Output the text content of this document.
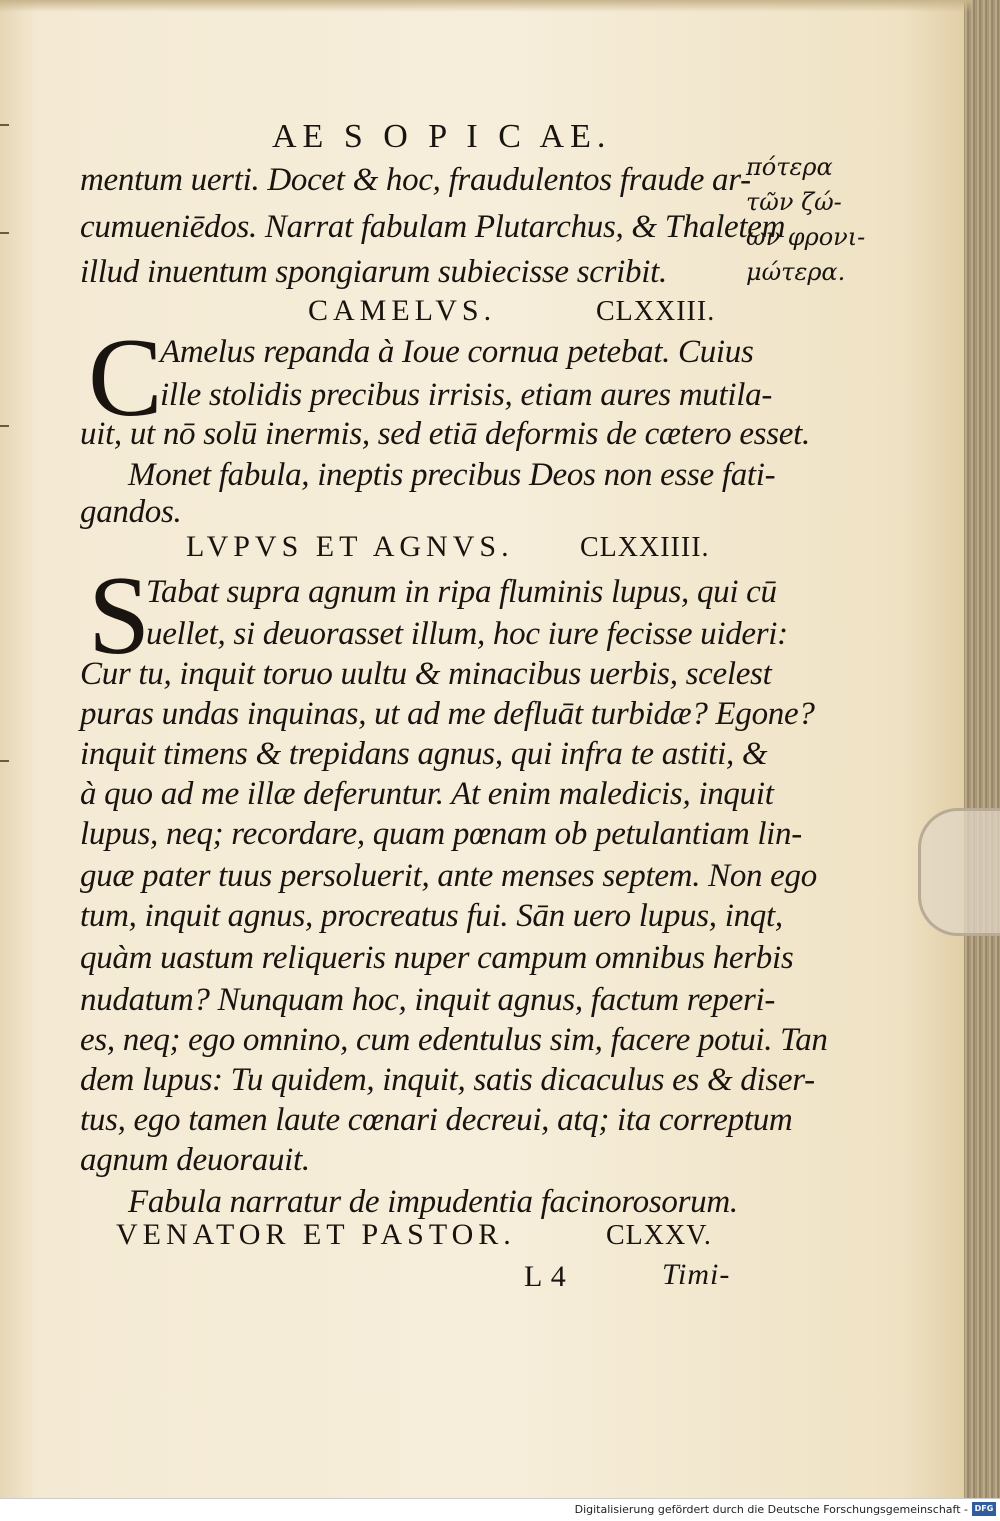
AE S O P I C AE.
πότερα
τῶν ζώ-
ων φρονι-
μώτερα.
mentum uerti. Docet & hoc, fraudulentos fraude ar-
cumueniēdos. Narrat fabulam Plutarchus, & Thaletem
illud inuentum spongiarum subiecisse scribit.
CAMELVS.	CLXXIII.
C
Amelus repanda à Ioue cornua petebat. Cuius
ille stolidis precibus irrisis, etiam aures mutila-
uit, ut nō solū inermis, sed etiā deformis de cætero esset.
Monet fabula, ineptis precibus Deos non esse fati-
gandos.
LVPVS ET AGNVS. CLXXIIII.
S
Tabat supra agnum in ripa fluminis lupus, qui cū
uellet, si deuorasset illum, hoc iure fecisse uideri:
Cur tu, inquit toruo uultu & minacibus uerbis, scelest
puras undas inquinas, ut ad me defluāt turbidæ? Egone?
inquit timens & trepidans agnus, qui infra te astiti, &
à quo ad me illæ deferuntur. At enim maledicis, inquit
lupus, neq; recordare, quam pœnam ob petulantiam lin-
guæ pater tuus persoluerit, ante menses septem. Non ego
tum, inquit agnus, procreatus fui. Sān uero lupus, inqt,
quàm uastum reliqueris nuper campum omnibus herbis
nudatum? Nunquam hoc, inquit agnus, factum reperi-
es, neq; ego omnino, cum edentulus sim, facere potui. Tan
dem lupus: Tu quidem, inquit, satis dicaculus es & diser-
tus, ego tamen laute cœnari decreui, atq; ita correptum
agnum deuorauit.
Fabula narratur de impudentia facinorosorum.
VENATOR ET PASTOR.	CLXXV.
L 4	Timi-
Digitalisierung gefördert durch die Deutsche Forschungsgemeinschaft - DFG
